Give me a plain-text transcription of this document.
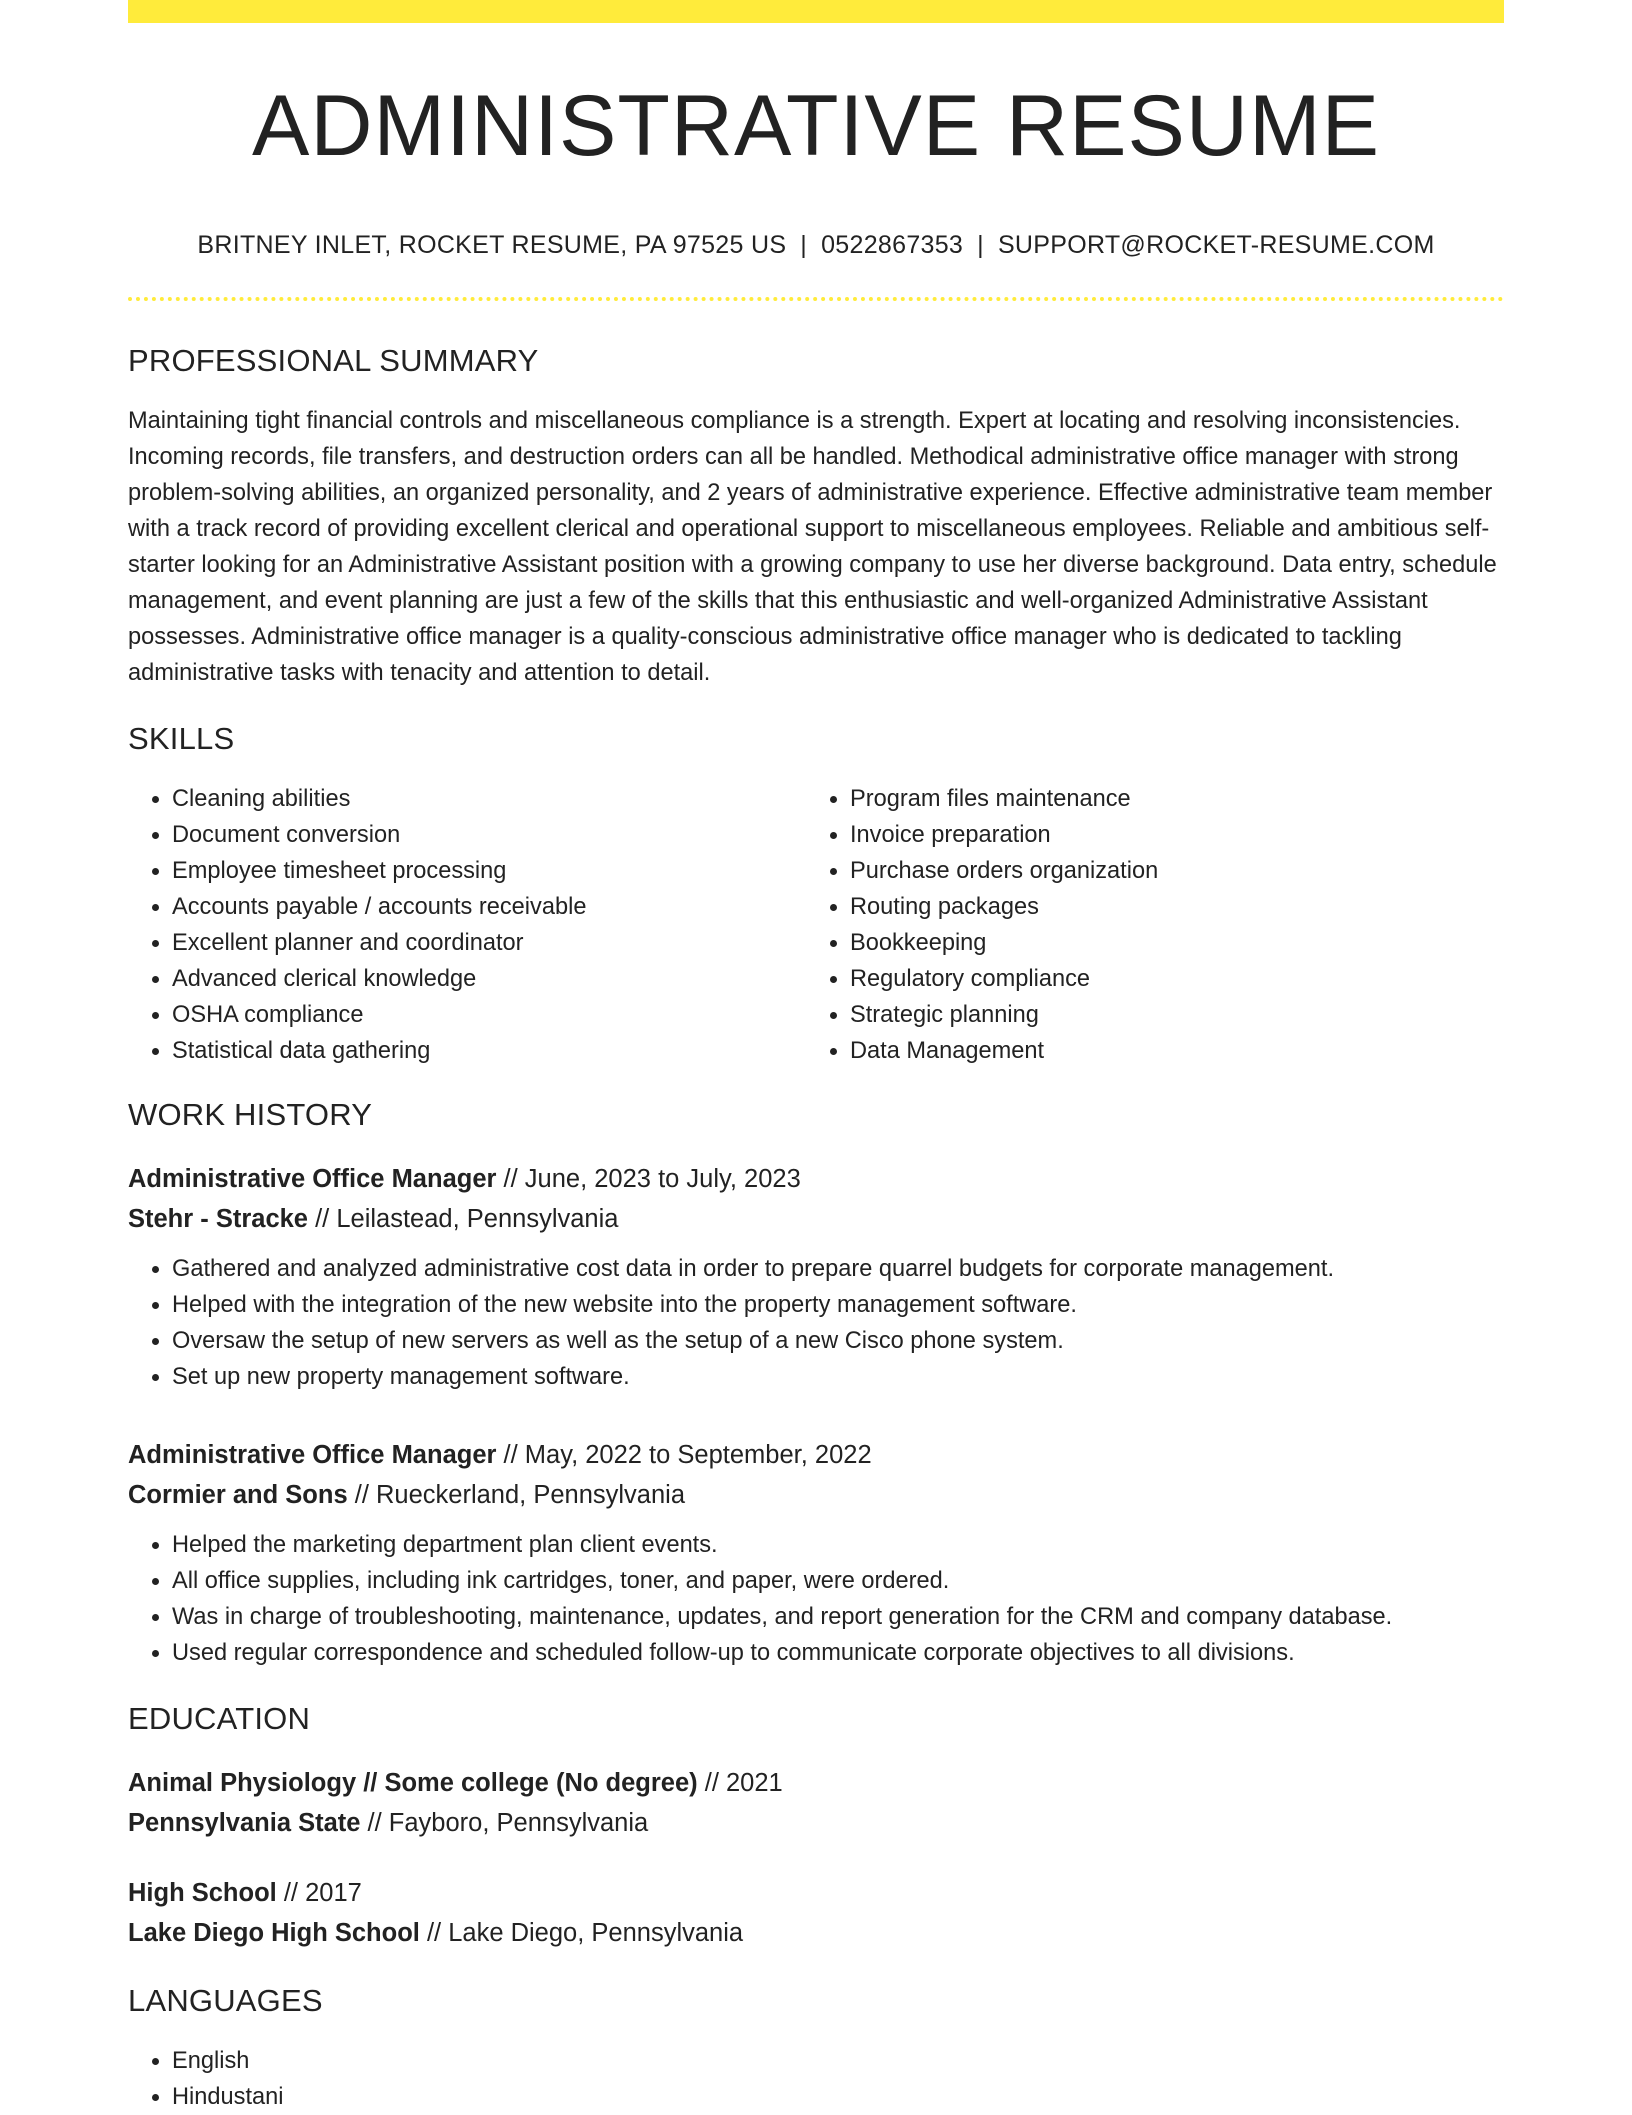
ADMINISTRATIVE RESUME
BRITNEY INLET, ROCKET RESUME, PA 97525 US | 0522867353 | SUPPORT@ROCKET-RESUME.COM
PROFESSIONAL SUMMARY

Maintaining tight financial controls and miscellaneous compliance is a strength. Expert at locating and resolving inconsistencies. Incoming records, file transfers, and destruction orders can all be handled. Methodical administrative office manager with strong problem-solving abilities, an organized personality, and 2 years of administrative experience. Effective administrative team member with a track record of providing excellent clerical and operational support to miscellaneous employees. Reliable and ambitious self-starter looking for an Administrative Assistant position with a growing company to use her diverse background. Data entry, schedule management, and event planning are just a few of the skills that this enthusiastic and well-organized Administrative Assistant possesses. Administrative office manager is a quality-conscious administrative office manager who is dedicated to tackling administrative tasks with tenacity and attention to detail.

SKILLS
• Cleaning abilities
• Document conversion
• Employee timesheet processing
• Accounts payable / accounts receivable
• Excellent planner and coordinator
• Advanced clerical knowledge
• OSHA compliance
• Statistical data gathering
• Program files maintenance
• Invoice preparation
• Purchase orders organization
• Routing packages
• Bookkeeping
• Regulatory compliance
• Strategic planning
• Data Management
WORK HISTORY
Administrative Office Manager // June, 2023 to July, 2023
Stehr - Stracke // Leilastead, Pennsylvania
• Gathered and analyzed administrative cost data in order to prepare quarrel budgets for corporate management.
• Helped with the integration of the new website into the property management software.
• Oversaw the setup of new servers as well as the setup of a new Cisco phone system.
• Set up new property management software.
Administrative Office Manager // May, 2022 to September, 2022
Cormier and Sons // Rueckerland, Pennsylvania
• Helped the marketing department plan client events.
• All office supplies, including ink cartridges, toner, and paper, were ordered.
• Was in charge of troubleshooting, maintenance, updates, and report generation for the CRM and company database.
• Used regular correspondence and scheduled follow-up to communicate corporate objectives to all divisions.
EDUCATION
Animal Physiology // Some college (No degree) // 2021
Pennsylvania State // Fayboro, Pennsylvania
High School // 2017
Lake Diego High School // Lake Diego, Pennsylvania
LANGUAGES
• English
• Hindustani
